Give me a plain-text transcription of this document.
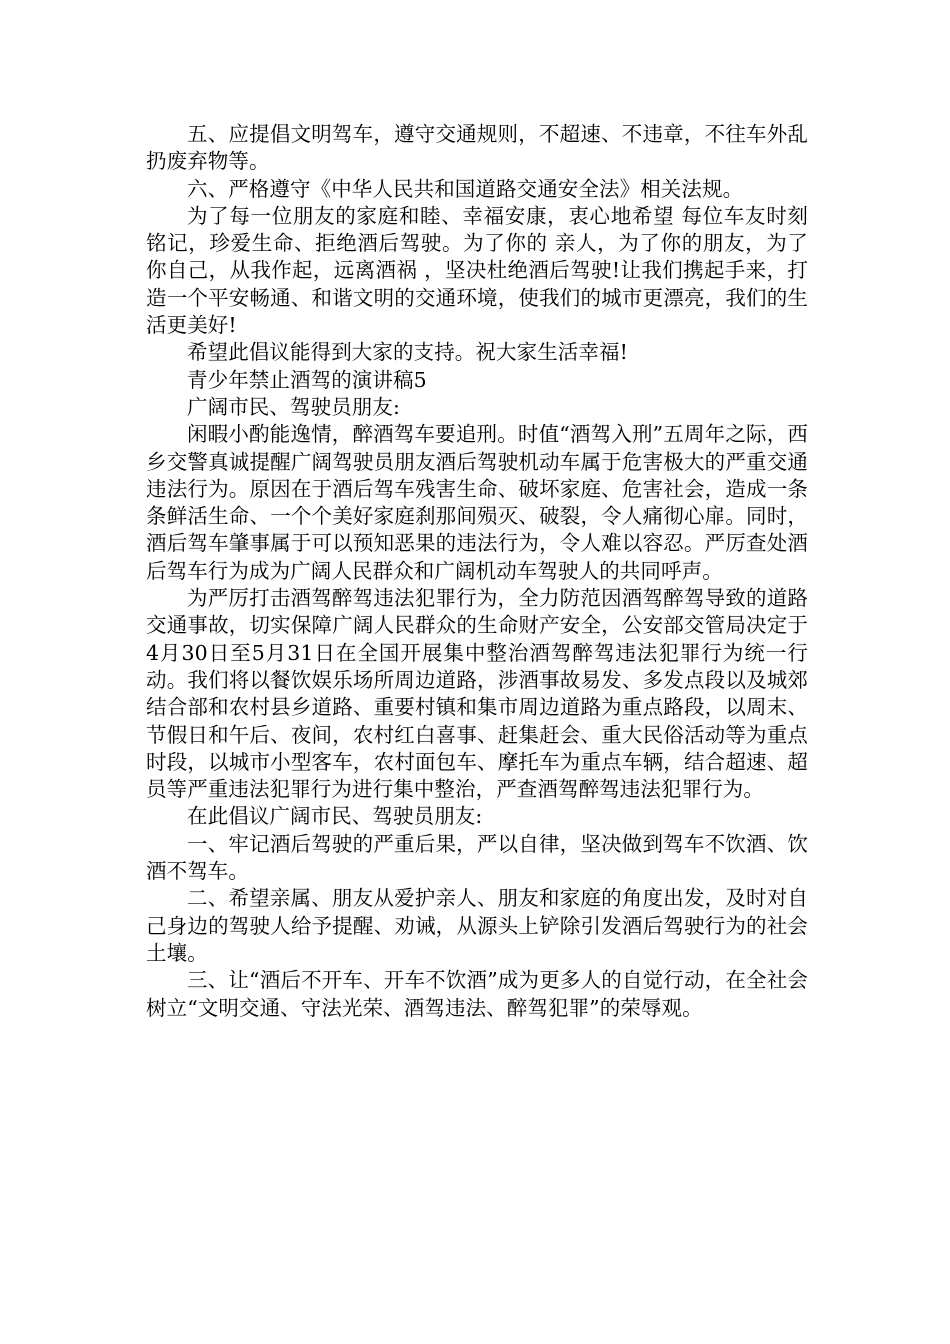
五、应提倡文明驾车，遵守交通规则，不超速、不违章，不往车外乱扔废弃物等。

六、严格遵守《中华人民共和国道路交通安全法》相关法规。

为了每一位朋友的家庭和睦、幸福安康，衷心地希望 每位车友时刻铭记，珍爱生命、拒绝酒后驾驶。为了你的 亲人，为了你的朋友，为了你自己，从我作起，远离酒祸 ，坚决杜绝酒后驾驶!让我们携起手来，打造一个平安畅通、和谐文明的交通环境，使我们的城市更漂亮，我们的生活更美好!

希望此倡议能得到大家的支持。祝大家生活幸福!

青少年禁止酒驾的演讲稿5

广阔市民、驾驶员朋友:

闲暇小酌能逸情，醉酒驾车要追刑。时值“酒驾入刑”五周年之际，西乡交警真诚提醒广阔驾驶员朋友酒后驾驶机动车属于危害极大的严重交通违法行为。原因在于酒后驾车残害生命、破坏家庭、危害社会，造成一条条鲜活生命、一个个美好家庭刹那间殒灭、破裂，令人痛彻心扉。同时，酒后驾车肇事属于可以预知恶果的违法行为，令人难以容忍。严厉查处酒后驾车行为成为广阔人民群众和广阔机动车驾驶人的共同呼声。

为严厉打击酒驾醉驾违法犯罪行为，全力防范因酒驾醉驾导致的道路交通事故，切实保障广阔人民群众的生命财产安全，公安部交管局决定于4月30日至5月31日在全国开展集中整治酒驾醉驾违法犯罪行为统一行动。我们将以餐饮娱乐场所周边道路，涉酒事故易发、多发点段以及城郊结合部和农村县乡道路、重要村镇和集市周边道路为重点路段，以周末、节假日和午后、夜间，农村红白喜事、赶集赶会、重大民俗活动等为重点时段，以城市小型客车，农村面包车、摩托车为重点车辆，结合超速、超员等严重违法犯罪行为进行集中整治，严查酒驾醉驾违法犯罪行为。

在此倡议广阔市民、驾驶员朋友:

一、牢记酒后驾驶的严重后果，严以自律，坚决做到驾车不饮酒、饮酒不驾车。

二、希望亲属、朋友从爱护亲人、朋友和家庭的角度出发，及时对自己身边的驾驶人给予提醒、劝诫，从源头上铲除引发酒后驾驶行为的社会土壤。

三、让“酒后不开车、开车不饮酒”成为更多人的自觉行动，在全社会树立“文明交通、守法光荣、酒驾违法、醉驾犯罪”的荣辱观。
